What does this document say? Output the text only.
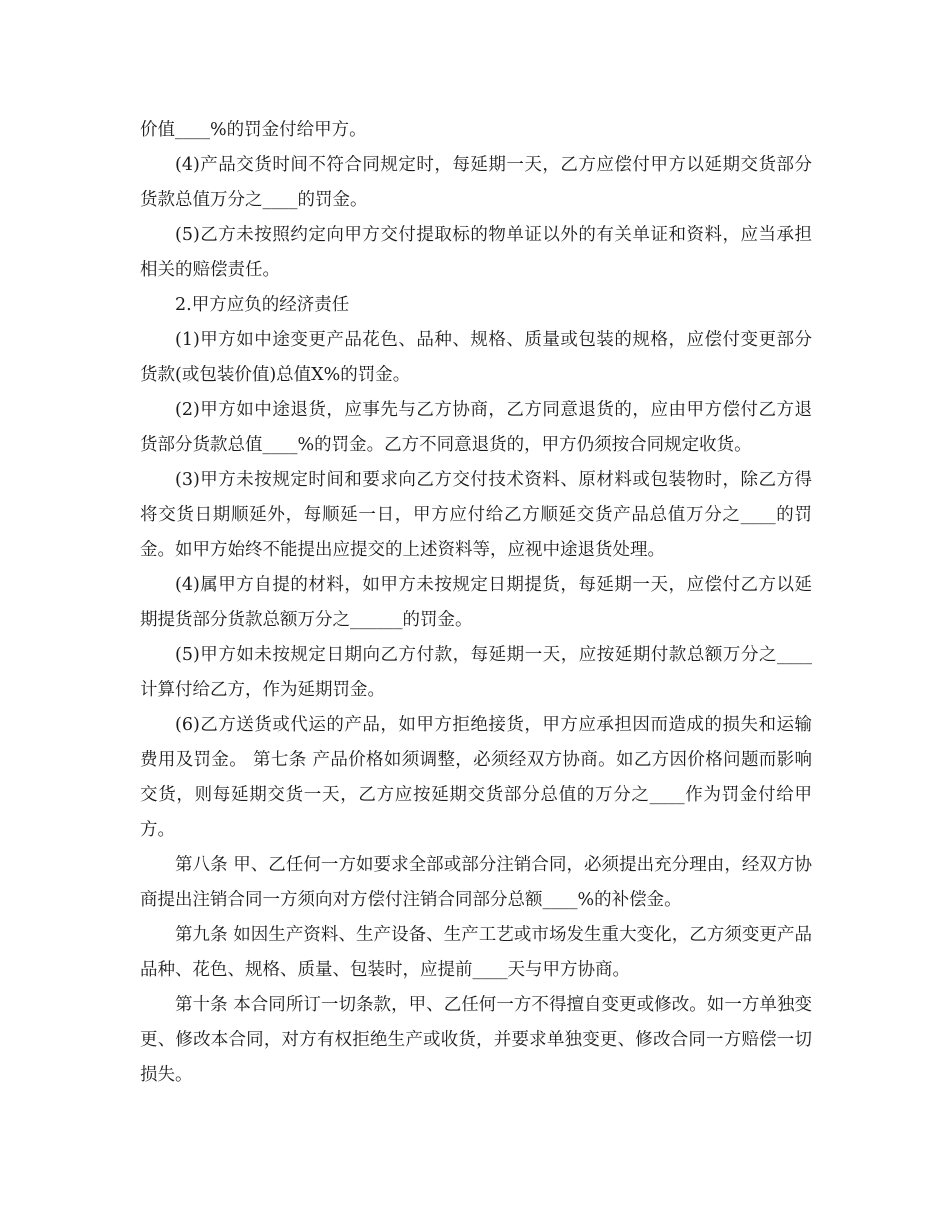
价值____%的罚金付给甲方。

(4)产品交货时间不符合同规定时，每延期一天，乙方应偿付甲方以延期交货部分货款总值万分之____的罚金。

(5)乙方未按照约定向甲方交付提取标的物单证以外的有关单证和资料，应当承担相关的赔偿责任。

2.甲方应负的经济责任

(1)甲方如中途变更产品花色、品种、规格、质量或包装的规格，应偿付变更部分货款(或包装价值)总值X%的罚金。

(2)甲方如中途退货，应事先与乙方协商，乙方同意退货的，应由甲方偿付乙方退货部分货款总值____%的罚金。乙方不同意退货的，甲方仍须按合同规定收货。

(3)甲方未按规定时间和要求向乙方交付技术资料、原材料或包装物时，除乙方得将交货日期顺延外，每顺延一日，甲方应付给乙方顺延交货产品总值万分之____的罚金。如甲方始终不能提出应提交的上述资料等，应视中途退货处理。

(4)属甲方自提的材料，如甲方未按规定日期提货，每延期一天，应偿付乙方以延期提货部分货款总额万分之______的罚金。

(5)甲方如未按规定日期向乙方付款，每延期一天，应按延期付款总额万分之____计算付给乙方，作为延期罚金。

(6)乙方送货或代运的产品，如甲方拒绝接货，甲方应承担因而造成的损失和运输费用及罚金。 第七条 产品价格如须调整，必须经双方协商。如乙方因价格问题而影响交货，则每延期交货一天，乙方应按延期交货部分总值的万分之____作为罚金付给甲方。

第八条 甲、乙任何一方如要求全部或部分注销合同，必须提出充分理由，经双方协商提出注销合同一方须向对方偿付注销合同部分总额____%的补偿金。

第九条 如因生产资料、生产设备、生产工艺或市场发生重大变化，乙方须变更产品品种、花色、规格、质量、包装时，应提前____天与甲方协商。

第十条 本合同所订一切条款，甲、乙任何一方不得擅自变更或修改。如一方单独变更、修改本合同，对方有权拒绝生产或收货，并要求单独变更、修改合同一方赔偿一切损失。
